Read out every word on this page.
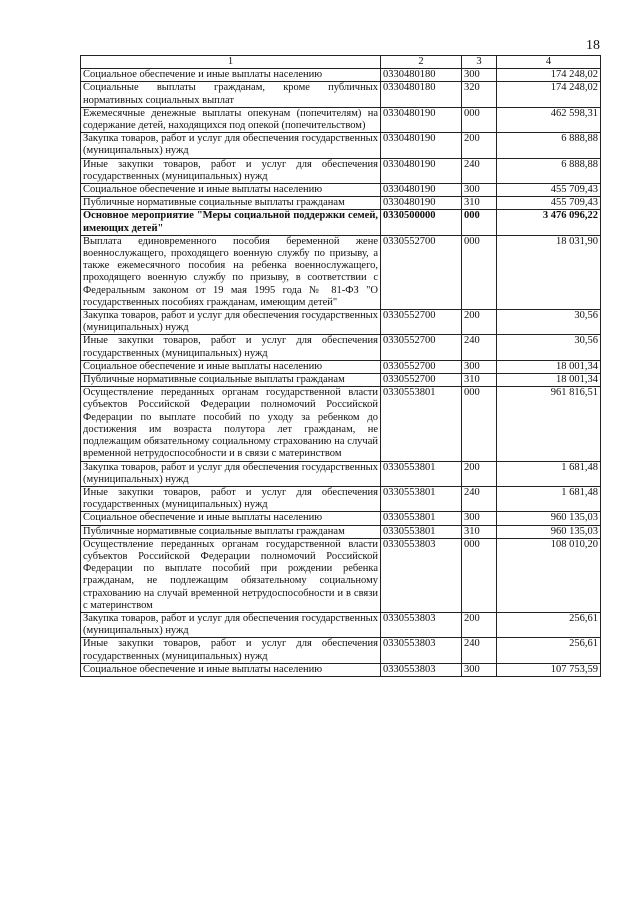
18
1	2	3	4
Социальное обеспечение и иные выплаты населению	0330480180	300	174 248,02
Социальные выплаты гражданам, кроме публичных нормативных социальных выплат	0330480180	320	174 248,02
Ежемесячные денежные выплаты опекунам (попечителям) на содержание детей, находящихся под опекой (попечительством)	0330480190	000	462 598,31
Закупка товаров, работ и услуг для обеспечения государственных (муниципальных) нужд	0330480190	200	6 888,88
Иные закупки товаров, работ и услуг для обеспечения государственных (муниципальных) нужд	0330480190	240	6 888,88
Социальное обеспечение и иные выплаты населению	0330480190	300	455 709,43
Публичные нормативные социальные выплаты гражданам	0330480190	310	455 709,43
Основное мероприятие "Меры социальной поддержки семей, имеющих детей"	0330500000	000	3 476 096,22
Выплата единовременного пособия беременной жене военнослужащего, проходящего военную службу по призыву, а также ежемесячного пособия на ребенка военнослужащего, проходящего военную службу по призыву, в соответствии с Федеральным законом от 19 мая 1995 года № 81-ФЗ "О государственных пособиях гражданам, имеющим детей"	0330552700	000	18 031,90
Закупка товаров, работ и услуг для обеспечения государственных (муниципальных) нужд	0330552700	200	30,56
Иные закупки товаров, работ и услуг для обеспечения государственных (муниципальных) нужд	0330552700	240	30,56
Социальное обеспечение и иные выплаты населению	0330552700	300	18 001,34
Публичные нормативные социальные выплаты гражданам	0330552700	310	18 001,34
Осуществление переданных органам государственной власти субъектов Российской Федерации полномочий Российской Федерации по выплате пособий по уходу за ребенком до достижения им возраста полутора лет гражданам, не подлежащим обязательному социальному страхованию на случай временной нетрудоспособности и в связи с материнством	0330553801	000	961 816,51
Закупка товаров, работ и услуг для обеспечения государственных (муниципальных) нужд	0330553801	200	1 681,48
Иные закупки товаров, работ и услуг для обеспечения государственных (муниципальных) нужд	0330553801	240	1 681,48
Социальное обеспечение и иные выплаты населению	0330553801	300	960 135,03
Публичные нормативные социальные выплаты гражданам	0330553801	310	960 135,03
Осуществление переданных органам государственной власти субъектов Российской Федерации полномочий Российской Федерации по выплате пособий при рождении ребенка гражданам, не подлежащим обязательному социальному страхованию на случай временной нетрудоспособности и в связи с материнством	0330553803	000	108 010,20
Закупка товаров, работ и услуг для обеспечения государственных (муниципальных) нужд	0330553803	200	256,61
Иные закупки товаров, работ и услуг для обеспечения государственных (муниципальных) нужд	0330553803	240	256,61
Социальное обеспечение и иные выплаты населению	0330553803	300	107 753,59
